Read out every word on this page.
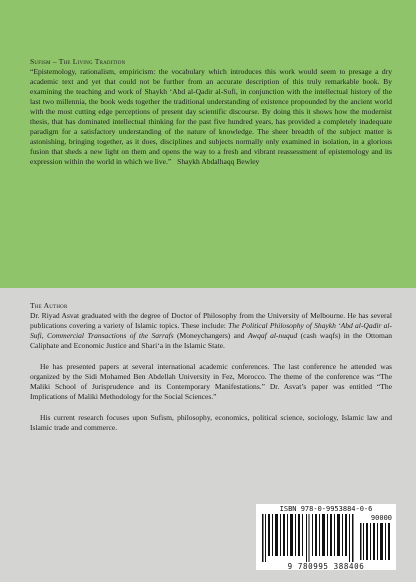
Sufism – The Living Tradition
“Epistemology, rationalism, empiricism: the vocabulary which introduces this work would seem to presage a dry academic text and yet that could not be further from an accurate description of this truly remarkable book. By examining the teaching and work of Shaykh ‘Abd al-Qadir al-Sufi, in conjunction with the intellectual history of the last two millennia, the book weds together the traditional understanding of existence propounded by the ancient world with the most cutting edge perceptions of present day scientific discourse. By doing this it shows how the modernist thesis, that has dominated intellectual thinking for the past five hundred years, has provided a completely inadequate paradigm for a satisfactory understanding of the nature of knowledge. The sheer breadth of the subject matter is astonishing, bringing together, as it does, disciplines and subjects normally only examined in isolation, in a glorious fusion that sheds a new light on them and opens the way to a fresh and vibrant reassessment of epistemology and its expression within the world in which we live.” Shaykh Abdalhaqq Bewley
The Author

Dr. Riyad Asvat graduated with the degree of Doctor of Philosophy from the University of Melbourne. He has several publications covering a variety of Islamic topics. These include: The Political Philosophy of Shaykh ‘Abd al-Qadir al-Sufi, Commercial Transactions of the Sarrafs (Moneychangers) and Awqaf al-nuqud (cash waqfs) in the Ottoman Caliphate and Economic Justice and Shari‘a in the Islamic State.

He has presented papers at several international academic conferences. The last conference he attended was organized by the Sidi Mohamed Ben Abdellah University in Fez, Morocco. The theme of the conference was “The Maliki School of Jurisprudence and its Contemporary Manifestations.” Dr. Asvat’s paper was entitled “The Implications of Maliki Methodology for the Social Sciences.”

His current research focuses upon Sufism, philosophy, economics, political science, sociology, Islamic law and Islamic trade and commerce.

ISBN 978-0-9953884-0-6
90000
9 780995 388406
